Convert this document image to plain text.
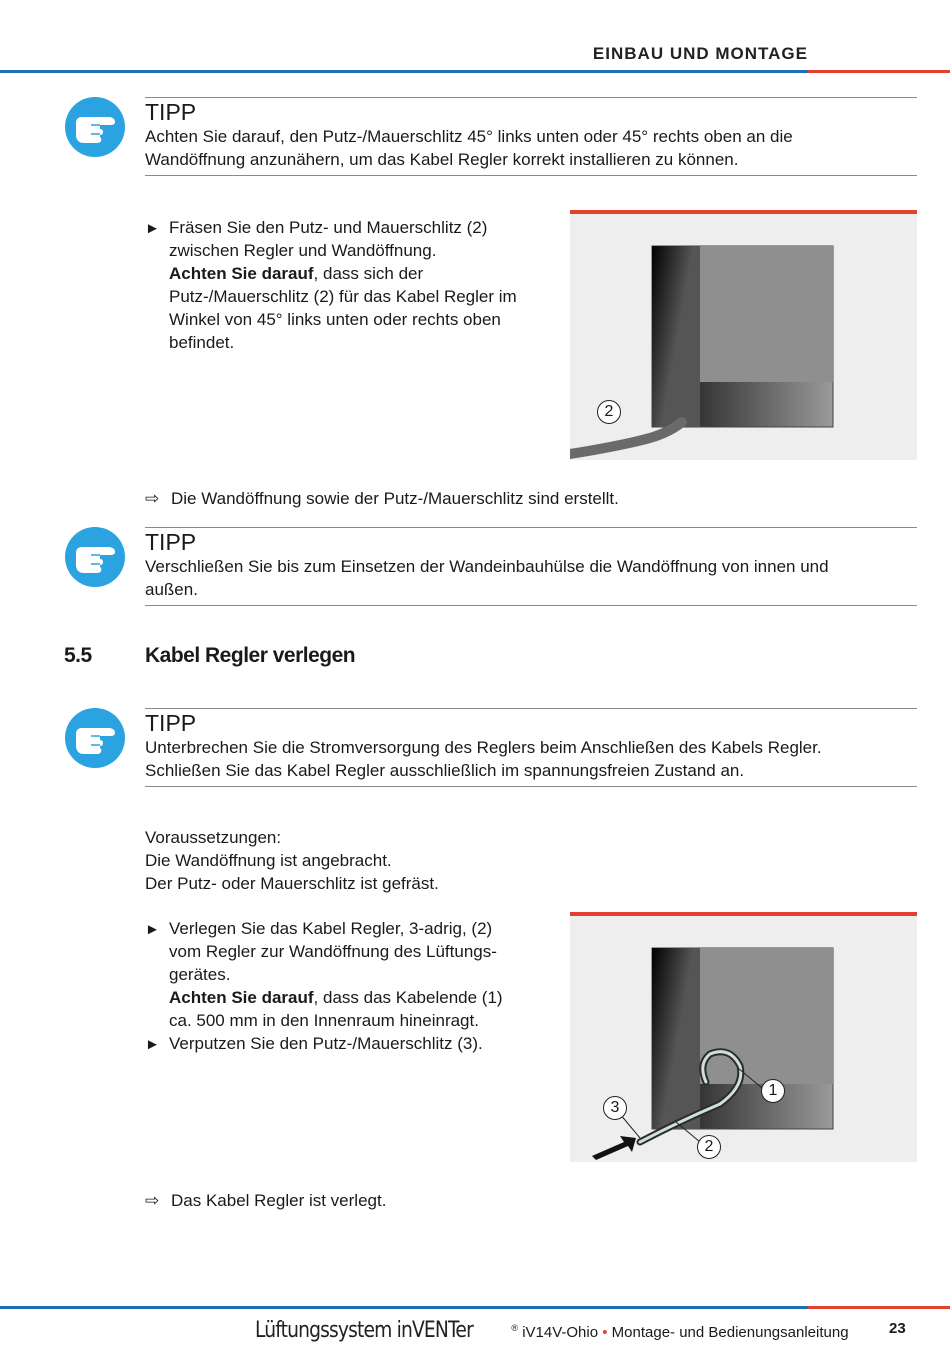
EINBAU UND MONTAGE
TIPP
Achten Sie darauf, den Putz-/Mauerschlitz 45° links unten oder 45° rechts oben an die
Wandöffnung anzunähern, um das Kabel Regler korrekt installieren zu können.
► Fräsen Sie den Putz- und Mauerschlitz (2)
zwischen Regler und Wandöffnung.
Achten Sie darauf, dass sich der
Putz-/Mauerschlitz (2) für das Kabel Regler im
Winkel von 45° links unten oder rechts oben
befindet.
2
⇨ Die Wandöffnung sowie der Putz-/Mauerschlitz sind erstellt.
TIPP
Verschließen Sie bis zum Einsetzen der Wandeinbauhülse die Wandöffnung von innen und
außen.
5.5	Kabel Regler verlegen
TIPP
Unterbrechen Sie die Stromversorgung des Reglers beim Anschließen des Kabels Regler.
Schließen Sie das Kabel Regler ausschließlich im spannungsfreien Zustand an.
Voraussetzungen:
Die Wandöffnung ist angebracht.
Der Putz- oder Mauerschlitz ist gefräst.
► Verlegen Sie das Kabel Regler, 3-adrig, (2)
vom Regler zur Wandöffnung des Lüftungs-
gerätes.
Achten Sie darauf, dass das Kabelende (1)
ca. 500 mm in den Innenraum hineinragt.
► Verputzen Sie den Putz-/Mauerschlitz (3).
1
3
2
⇨ Das Kabel Regler ist verlegt.
Lüftungssystem inVENTer	® iV14V-Ohio • Montage- und Bedienungsanleitung	23
